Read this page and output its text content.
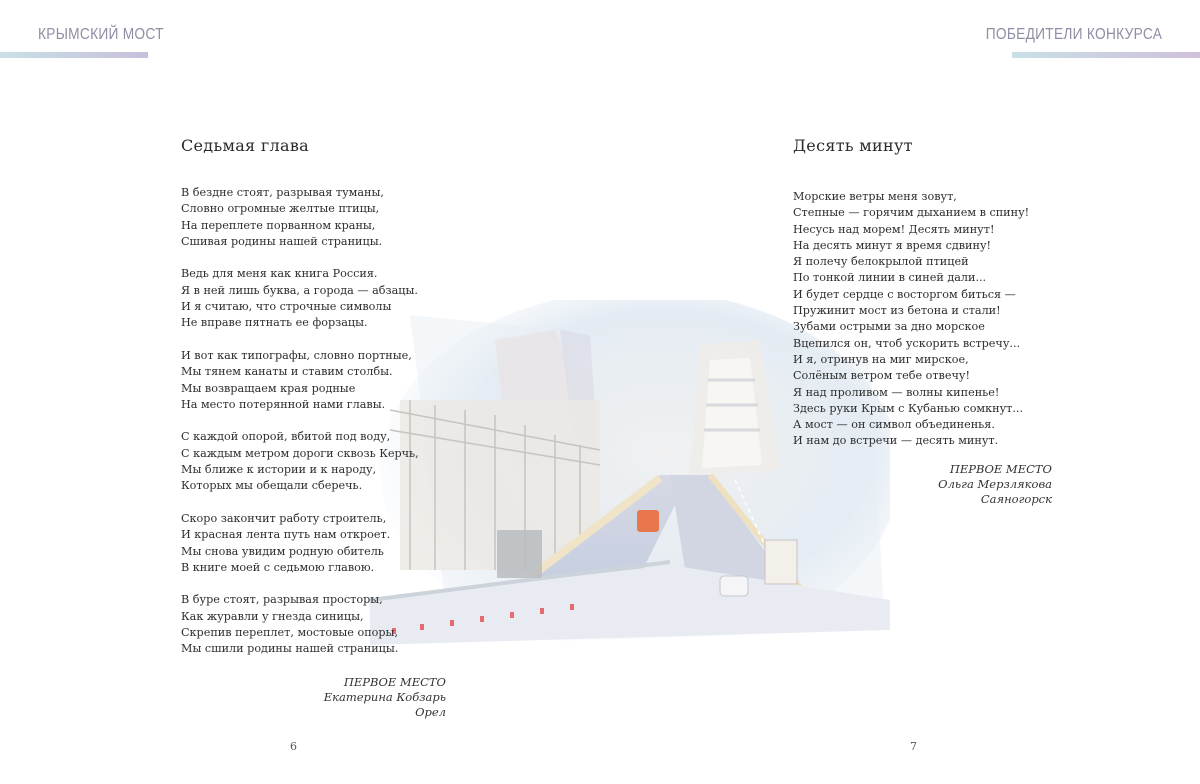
КРЫМСКИЙ МОСТ	ПОБЕДИТЕЛИ КОНКУРСА
Седьмая глава
В бездне стоят, разрывая туманы,
Словно огромные желтые птицы,
На переплете порванном краны,
Сшивая родины нашей страницы.
Ведь для меня как книга Россия.
Я в ней лишь буква, а города — абзацы.
И я считаю, что строчные символы
Не вправе пятнать ее форзацы.
И вот как типографы, словно портные,
Мы тянем канаты и ставим столбы.
Мы возвращаем края родные
На место потерянной нами главы.
С каждой опорой, вбитой под воду,
С каждым метром дороги сквозь Керчь,
Мы ближе к истории и к народу,
Которых мы обещали сберечь.
Скоро закончит работу строитель,
И красная лента путь нам откроет.
Мы снова увидим родную обитель
В книге моей с седьмою главою.
В буре стоят, разрывая просторы,
Как журавли у гнезда синицы,
Скрепив переплет, мостовые опоры,
Мы сшили родины нашей страницы.
ПЕРВОЕ МЕСТО
Екатерина Кобзарь
Орел
6
Десять минут
Морские ветры меня зовут,
Степные — горячим дыханием в спину!
Несусь над морем! Десять минут!
На десять минут я время сдвину!
Я полечу белокрылой птицей
По тонкой линии в синей дали...
И будет сердце с восторгом биться —
Пружинит мост из бетона и стали!
Зубами острыми за дно морское
Вцепился он, чтоб ускорить встречу...
И я, отринув на миг мирское,
Солёным ветром тебе отвечу!
Я над проливом — волны кипенье!
Здесь руки Крым с Кубанью сомкнут...
А мост — он символ объединенья.
И нам до встречи — десять минут.
ПЕРВОЕ МЕСТО
Ольга Мерзлякова
Саяногорск
7
